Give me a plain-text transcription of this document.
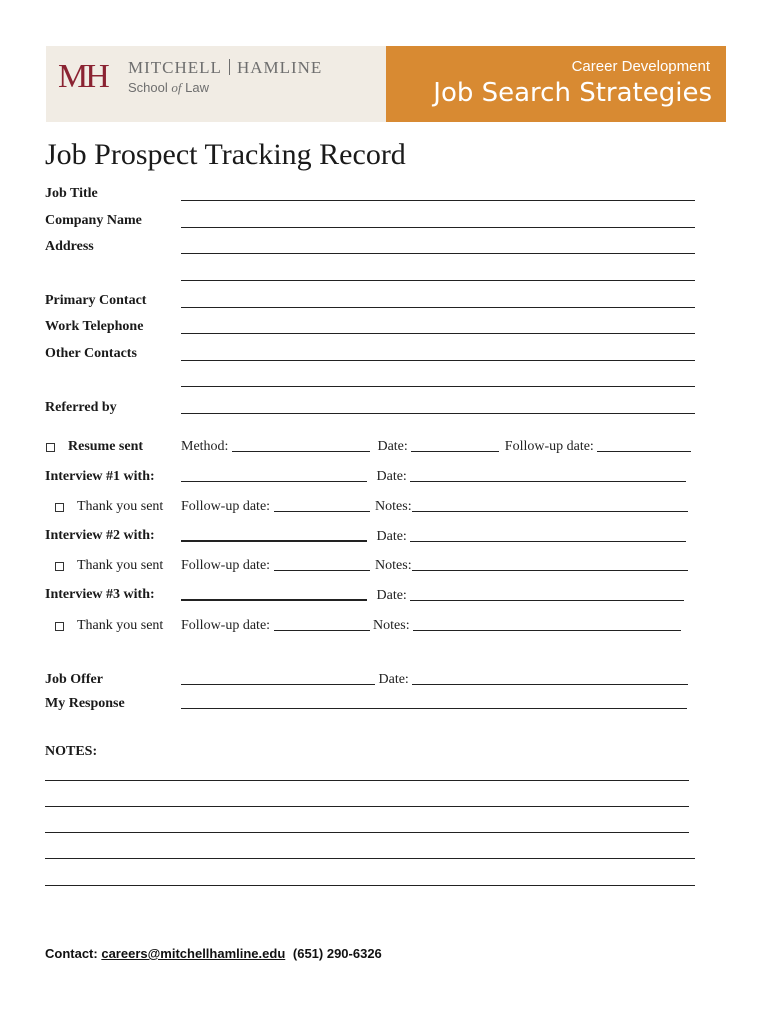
MH MITCHELL HAMLINE
School of Law
Career Development
Job Search Strategies
Job Prospect Tracking Record
Job Title
Company Name
Address
Primary Contact
Work Telephone
Other Contacts
Referred by
Resume sent	Method:	Date:	Follow-up date:
Interview #1 with:	Date:
Thank you sent Follow-up date:	Notes:
Interview #2 with:	Date:
Thank you sent Follow-up date:	Notes:
Interview #3 with:	Date:
Thank you sent Follow-up date:	Notes:
Job Offer	Date:
My Response
NOTES:
Contact: careers@mitchellhamline.edu (651) 290-6326
